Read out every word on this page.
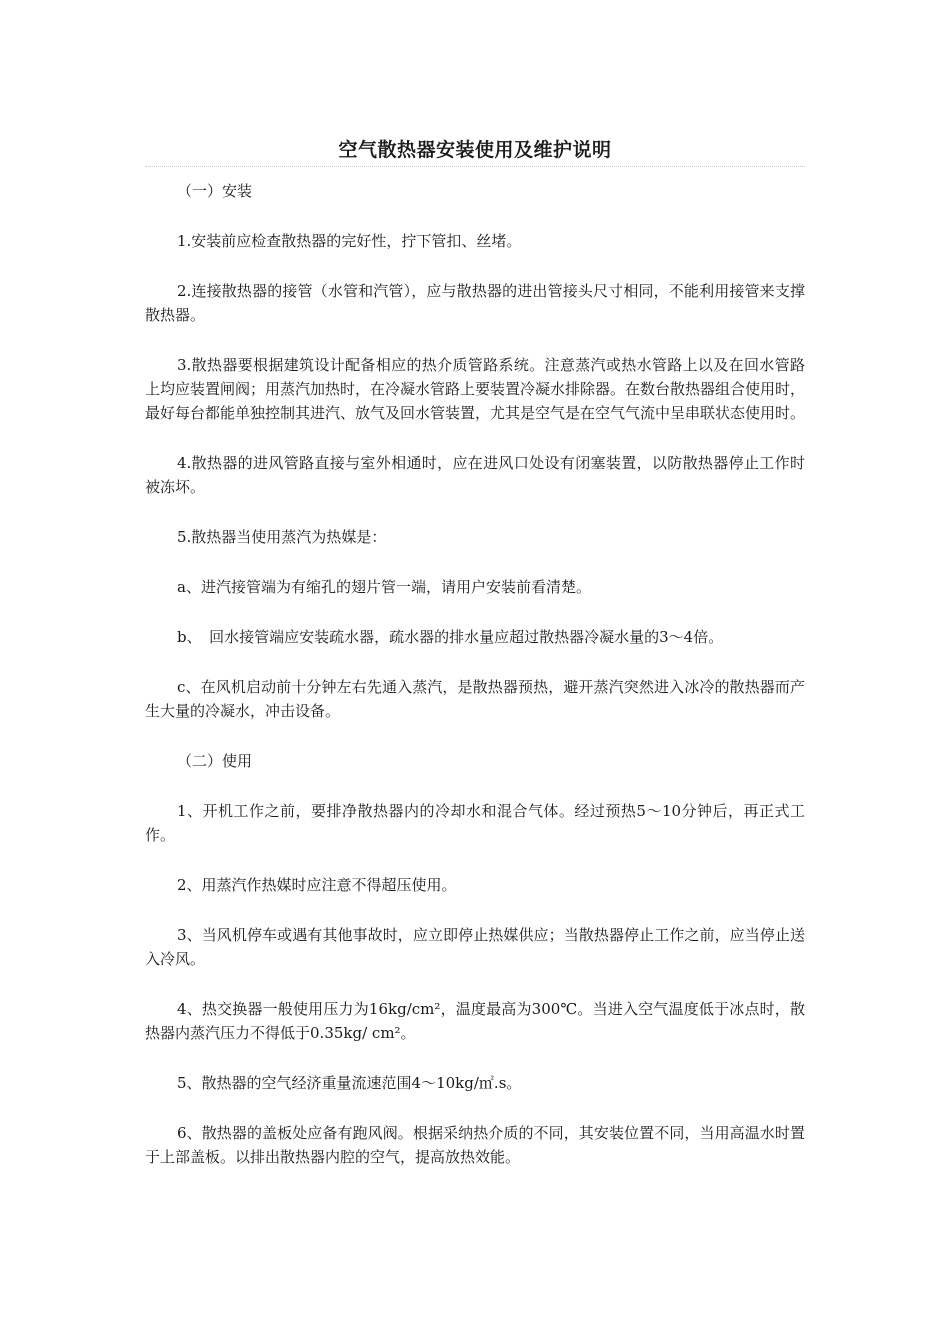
空气散热器安装使用及维护说明

（一）安装

1.安装前应检查散热器的完好性，拧下管扣、丝堵。

2.连接散热器的接管（水管和汽管），应与散热器的进出管接头尺寸相同，不能利用接管来支撑散热器。

3.散热器要根据建筑设计配备相应的热介质管路系统。注意蒸汽或热水管路上以及在回水管路上均应装置闸阀；用蒸汽加热时，在冷凝水管路上要装置冷凝水排除器。在数台散热器组合使用时，最好每台都能单独控制其进汽、放气及回水管装置，尤其是空气是在空气气流中呈串联状态使用时。

4.散热器的进风管路直接与室外相通时，应在进风口处设有闭塞装置，以防散热器停止工作时被冻坏。

5.散热器当使用蒸汽为热媒是：

a、进汽接管端为有缩孔的翅片管一端，请用户安装前看清楚。

b、　回水接管端应安装疏水器，疏水器的排水量应超过散热器冷凝水量的3～4倍。

c、在风机启动前十分钟左右先通入蒸汽，是散热器预热，避开蒸汽突然进入冰冷的散热器而产生大量的冷凝水，冲击设备。

（二）使用

1、开机工作之前，要排净散热器内的冷却水和混合气体。经过预热5～10分钟后，再正式工作。

2、用蒸汽作热媒时应注意不得超压使用。

3、当风机停车或遇有其他事故时，应立即停止热媒供应；当散热器停止工作之前，应当停止送入冷风。

4、热交换器一般使用压力为16kg/cm²，温度最高为300℃。当进入空气温度低于冰点时，散热器内蒸汽压力不得低于0.35kg/ cm²。

5、散热器的空气经济重量流速范围4～10kg/㎡.s。

6、散热器的盖板处应备有跑风阀。根据采纳热介质的不同，其安装位置不同，当用高温水时置于上部盖板。以排出散热器内腔的空气，提高放热效能。
